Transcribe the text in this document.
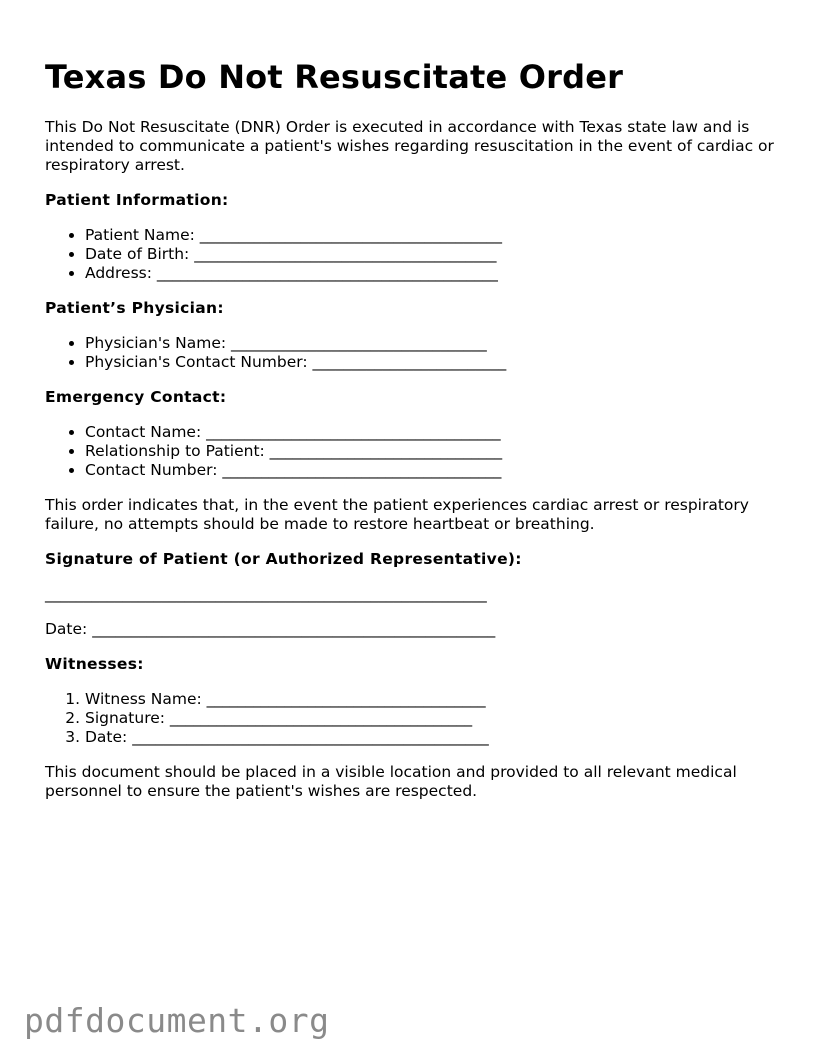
Texas Do Not Resuscitate Order

This Do Not Resuscitate (DNR) Order is executed in accordance with Texas state law and is intended to communicate a patient's wishes regarding resuscitation in the event of cardiac or respiratory arrest.

Patient Information:
• Patient Name: _______________________________________
• Date of Birth: _______________________________________
• Address: ____________________________________________
Patient’s Physician:
• Physician's Name: _________________________________
• Physician's Contact Number: _________________________
Emergency Contact:
• Contact Name: ______________________________________
• Relationship to Patient: ______________________________
• Contact Number: ____________________________________

This order indicates that, in the event the patient experiences cardiac arrest or respiratory failure, no attempts should be made to restore heartbeat or breathing.

Signature of Patient (or Authorized Representative):

_________________________________________________________

Date: ____________________________________________________

Witnesses:
1. Witness Name: ____________________________________
2. Signature: _______________________________________
3. Date: ______________________________________________

This document should be placed in a visible location and provided to all relevant medical personnel to ensure the patient's wishes are respected.

pdfdocument.org
